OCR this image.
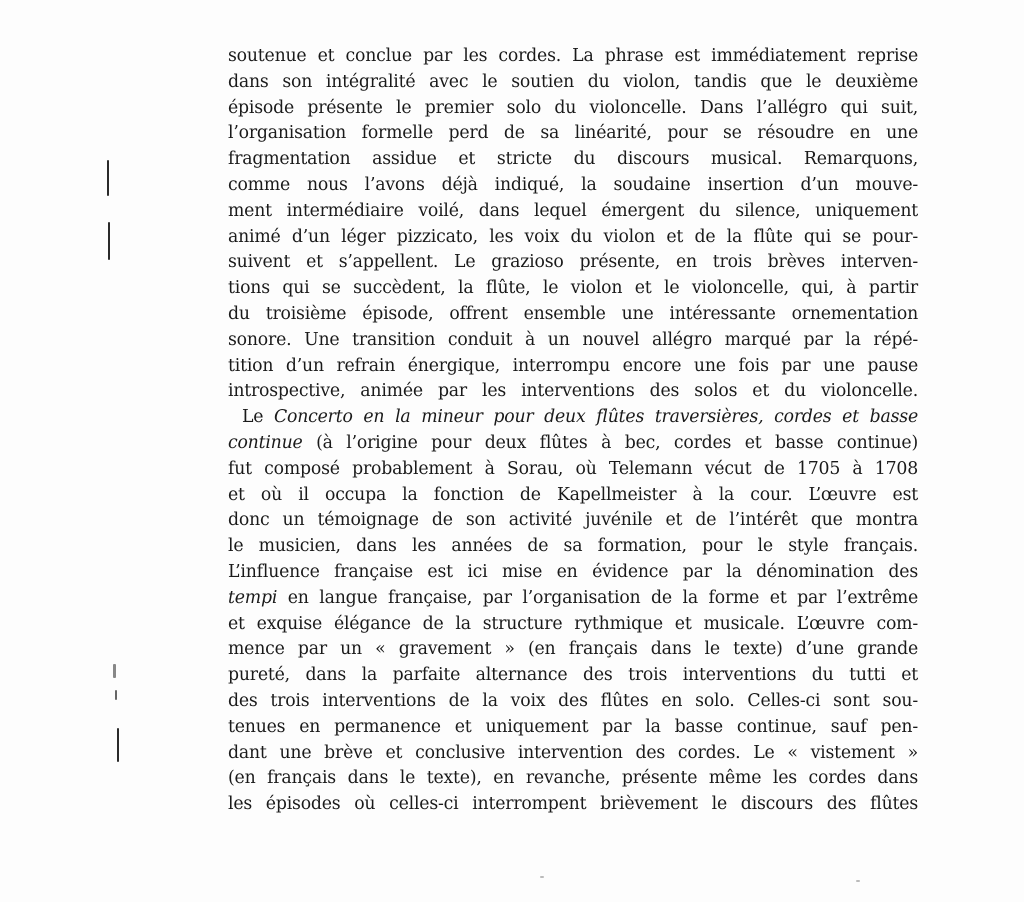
soutenue et conclue par les cordes. La phrase est immédiatement reprise
dans son intégralité avec le soutien du violon, tandis que le deuxième
épisode présente le premier solo du violoncelle. Dans l’allégro qui suit,
l’organisation formelle perd de sa linéarité, pour se résoudre en une
fragmentation assidue et stricte du discours musical. Remarquons,
comme nous l’avons déjà indiqué, la soudaine insertion d’un mouve-
ment intermédiaire voilé, dans lequel émergent du silence, uniquement
animé d’un léger pizzicato, les voix du violon et de la flûte qui se pour-
suivent et s’appellent. Le grazioso présente, en trois brèves interven-
tions qui se succèdent, la flûte, le violon et le violoncelle, qui, à partir
du troisième épisode, offrent ensemble une intéressante ornementation
sonore. Une transition conduit à un nouvel allégro marqué par la répé-
tition d’un refrain énergique, interrompu encore une fois par une pause
introspective, animée par les interventions des solos et du violoncelle.
Le Concerto en la mineur pour deux flûtes traversières, cordes et basse
continue (à l’origine pour deux flûtes à bec, cordes et basse continue)
fut composé probablement à Sorau, où Telemann vécut de 1705 à 1708
et où il occupa la fonction de Kapellmeister à la cour. L’œuvre est
donc un témoignage de son activité juvénile et de l’intérêt que montra
le musicien, dans les années de sa formation, pour le style français.
L’influence française est ici mise en évidence par la dénomination des
tempi en langue française, par l’organisation de la forme et par l’extrême
et exquise élégance de la structure rythmique et musicale. L’œuvre com-
mence par un « gravement » (en français dans le texte) d’une grande
pureté, dans la parfaite alternance des trois interventions du tutti et
des trois interventions de la voix des flûtes en solo. Celles-ci sont sou-
tenues en permanence et uniquement par la basse continue, sauf pen-
dant une brève et conclusive intervention des cordes. Le « vistement »
(en français dans le texte), en revanche, présente même les cordes dans
les épisodes où celles-ci interrompent brièvement le discours des flûtes
